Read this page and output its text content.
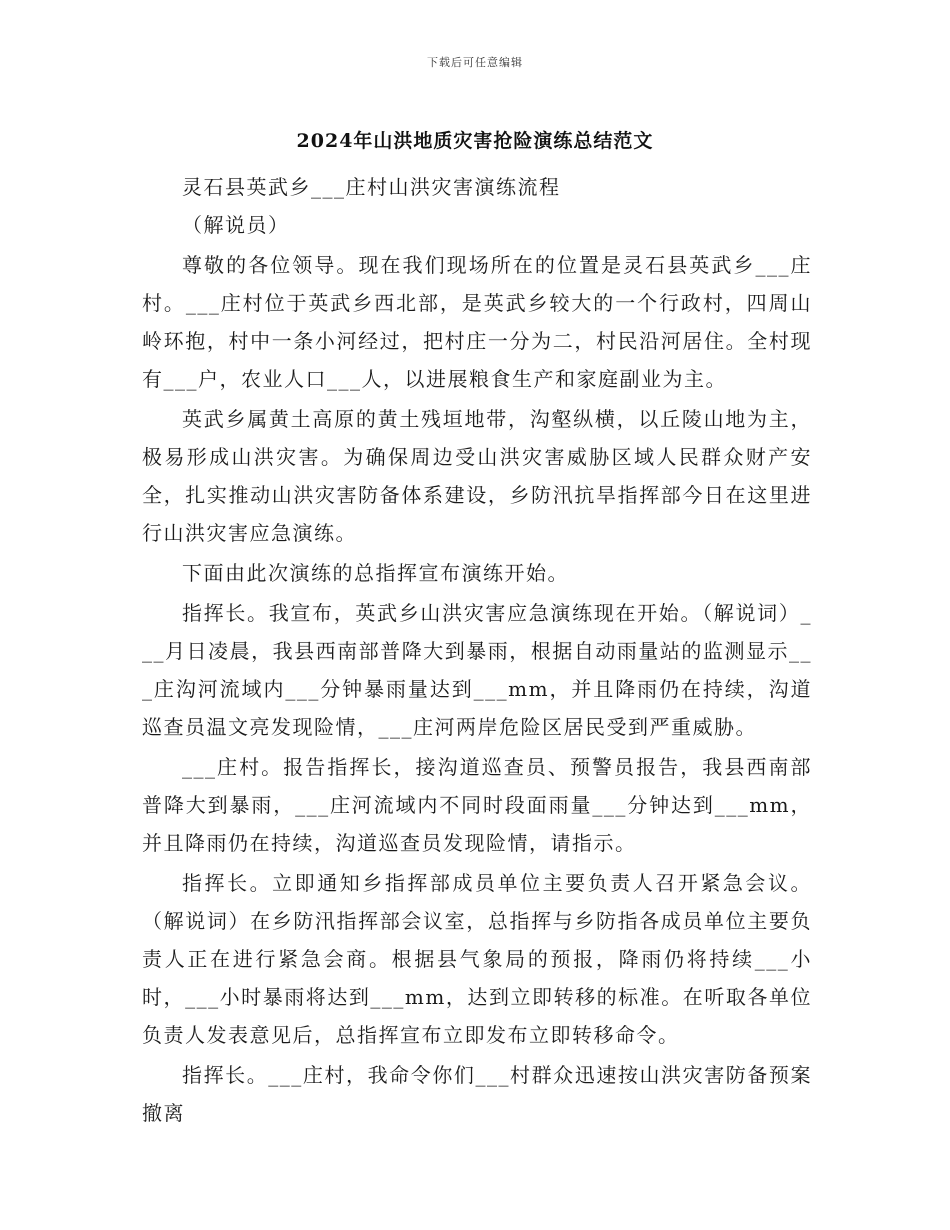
下载后可任意编辑
2024年山洪地质灾害抢险演练总结范文

灵石县英武乡___庄村山洪灾害演练流程

（解说员）

尊敬的各位领导。现在我们现场所在的位置是灵石县英武乡___庄村。___庄村位于英武乡西北部，是英武乡较大的一个行政村，四周山岭环抱，村中一条小河经过，把村庄一分为二，村民沿河居住。全村现有___户，农业人口___人，以进展粮食生产和家庭副业为主。

英武乡属黄土高原的黄土残垣地带，沟壑纵横，以丘陵山地为主，极易形成山洪灾害。为确保周边受山洪灾害威胁区域人民群众财产安全，扎实推动山洪灾害防备体系建设，乡防汛抗旱指挥部今日在这里进行山洪灾害应急演练。

下面由此次演练的总指挥宣布演练开始。

指挥长。我宣布，英武乡山洪灾害应急演练现在开始。（解说词）___月日凌晨，我县西南部普降大到暴雨，根据自动雨量站的监测显示___庄沟河流域内___分钟暴雨量达到___mm，并且降雨仍在持续，沟道巡查员温文亮发现险情，___庄河两岸危险区居民受到严重威胁。

___庄村。报告指挥长，接沟道巡查员、预警员报告，我县西南部普降大到暴雨，___庄河流域内不同时段面雨量___分钟达到___mm，并且降雨仍在持续，沟道巡查员发现险情，请指示。

指挥长。立即通知乡指挥部成员单位主要负责人召开紧急会议。（解说词）在乡防汛指挥部会议室，总指挥与乡防指各成员单位主要负责人正在进行紧急会商。根据县气象局的预报，降雨仍将持续___小时，___小时暴雨将达到___mm，达到立即转移的标准。在听取各单位负责人发表意见后，总指挥宣布立即发布立即转移命令。

指挥长。___庄村，我命令你们___村群众迅速按山洪灾害防备预案撤离
